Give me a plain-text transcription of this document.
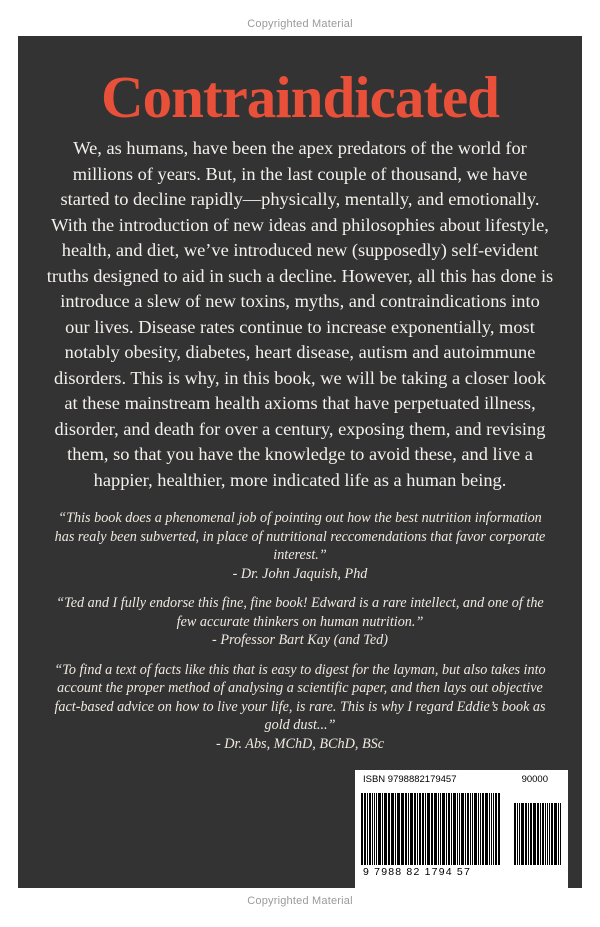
Copyrighted Material
Contraindicated
We, as humans, have been the apex predators of the world for millions of years. But, in the last couple of thousand, we have started to decline rapidly—physically, mentally, and emotionally. With the introduction of new ideas and philosophies about lifestyle, health, and diet, we’ve introduced new (supposedly) self-evident truths designed to aid in such a decline. However, all this has done is introduce a slew of new toxins, myths, and contraindications into our lives. Disease rates continue to increase exponentially, most notably obesity, diabetes, heart disease, autism and autoimmune disorders. This is why, in this book, we will be taking a closer look at these mainstream health axioms that have perpetuated illness, disorder, and death for over a century, exposing them, and revising them, so that you have the knowledge to avoid these, and live a happier, healthier, more indicated life as a human being.
“This book does a phenomenal job of pointing out how the best nutrition information has realy been subverted, in place of nutritional reccomendations that favor corporate interest.”
- Dr. John Jaquish, Phd
“Ted and I fully endorse this fine, fine book! Edward is a rare intellect, and one of the few accurate thinkers on human nutrition.”
- Professor Bart Kay (and Ted)
“To find a text of facts like this that is easy to digest for the layman, but also takes into account the proper method of analysing a scientific paper, and then lays out objective fact-based advice on how to live your life, is rare. This is why I regard Eddie’s book as gold dust...”
- Dr. Abs, MChD, BChD, BSc
ISBN 9798882179457	90000
9 7988 82 1794 57
Copyrighted Material
